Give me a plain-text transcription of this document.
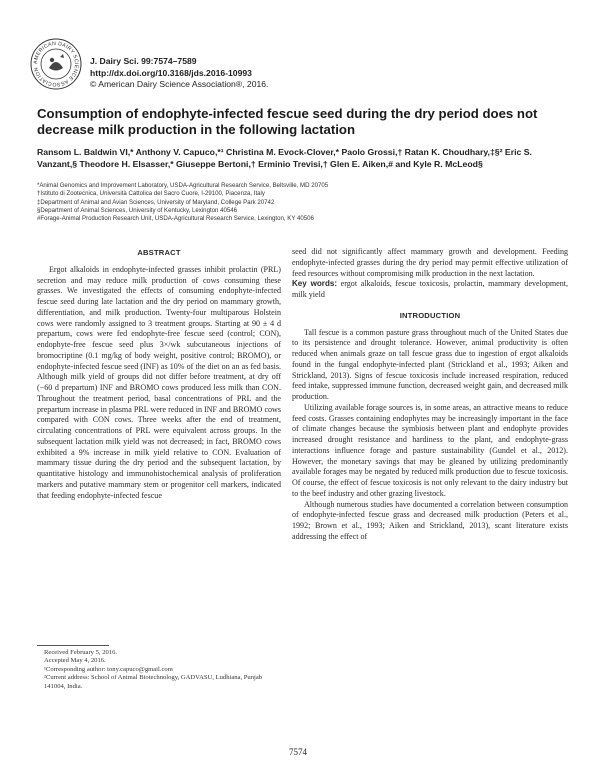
AMERICAN DAIRY SCIENCE ASSOCIATION
J. Dairy Sci. 99:7574–7589
http://dx.doi.org/10.3168/jds.2016-10993
© American Dairy Science Association®, 2016.
Consumption of endophyte-infected fescue seed during the dry period does not decrease milk production in the following lactation
Ransom L. Baldwin VI,* Anthony V. Capuco,*¹ Christina M. Evock-Clover,* Paolo Grossi,† Ratan K. Choudhary,‡§² Eric S. Vanzant,§ Theodore H. Elsasser,* Giuseppe Bertoni,† Erminio Trevisi,† Glen E. Aiken,# and Kyle R. McLeod§
*Animal Genomics and Improvement Laboratory, USDA-Agricultural Research Service, Beltsville, MD 20705
†Istituto di Zootecnica, Università Cattolica del Sacro Cuore, I-29100, Piacenza, Italy
‡Department of Animal and Avian Sciences, University of Maryland, College Park 20742
§Department of Animal Sciences, University of Kentucky, Lexington 40546
#Forage-Animal Production Research Unit, USDA-Agricultural Research Service, Lexington, KY 40506
ABSTRACT

Ergot alkaloids in endophyte-infected grasses inhibit prolactin (PRL) secretion and may reduce milk production of cows consuming these grasses. We investigated the effects of consuming endophyte-infected fescue seed during late lactation and the dry period on mammary growth, differentiation, and milk production. Twenty-four multiparous Holstein cows were randomly assigned to 3 treatment groups. Starting at 90 ± 4 d prepartum, cows were fed endophyte-free fescue seed (control; CON), endophyte-free fescue seed plus 3×/wk subcutaneous injections of bromocriptine (0.1 mg/kg of body weight, positive control; BROMO), or endophyte-infected fescue seed (INF) as 10% of the diet on an as fed basis. Although milk yield of groups did not differ before treatment, at dry off (−60 d prepartum) INF and BROMO cows produced less milk than CON. Throughout the treatment period, basal concentrations of PRL and the prepartum increase in plasma PRL were reduced in INF and BROMO cows compared with CON cows. Three weeks after the end of treatment, circulating concentrations of PRL were equivalent across groups. In the subsequent lactation milk yield was not decreased; in fact, BROMO cows exhibited a 9% increase in milk yield relative to CON. Evaluation of mammary tissue during the dry period and the subsequent lactation, by quantitative histology and immunohistochemical analysis of proliferation markers and putative mammary stem or progenitor cell markers, indicated that feeding endophyte-infected fescue

seed did not significantly affect mammary growth and development. Feeding endophyte-infected grasses during the dry period may permit effective utilization of feed resources without compromising milk production in the next lactation.

Key words: ergot alkaloids, fescue toxicosis, prolactin, mammary development, milk yield

INTRODUCTION

Tall fescue is a common pasture grass throughout much of the United States due to its persistence and drought tolerance. However, animal productivity is often reduced when animals graze on tall fescue grass due to ingestion of ergot alkaloids found in the fungal endophyte-infected plant (Strickland et al., 1993; Aiken and Strickland, 2013). Signs of fescue toxicosis include increased respiration, reduced feed intake, suppressed immune function, decreased weight gain, and decreased milk production.

Utilizing available forage sources is, in some areas, an attractive means to reduce feed costs. Grasses containing endophytes may be increasingly important in the face of climate changes because the symbiosis between plant and endophyte provides increased drought resistance and hardiness to the plant, and endophyte-grass interactions influence forage and pasture sustainability (Gundel et al., 2012). However, the monetary savings that may be gleaned by utilizing predominantly available forages may be negated by reduced milk production due to fescue toxicosis. Of course, the effect of fescue toxicosis is not only relevant to the dairy industry but to the beef industry and other grazing livestock.

Although numerous studies have documented a correlation between consumption of endophyte-infected fescue grass and decreased milk production (Peters et al., 1992; Brown et al., 1993; Aiken and Strickland, 2013), scant literature exists addressing the effect of

Received February 5, 2016.
Accepted May 4, 2016.
¹Corresponding author: tony.capuco@gmail.com
²Current address: School of Animal Biotechnology, GADVASU, Ludhiana, Punjab 141004, India.
7574
